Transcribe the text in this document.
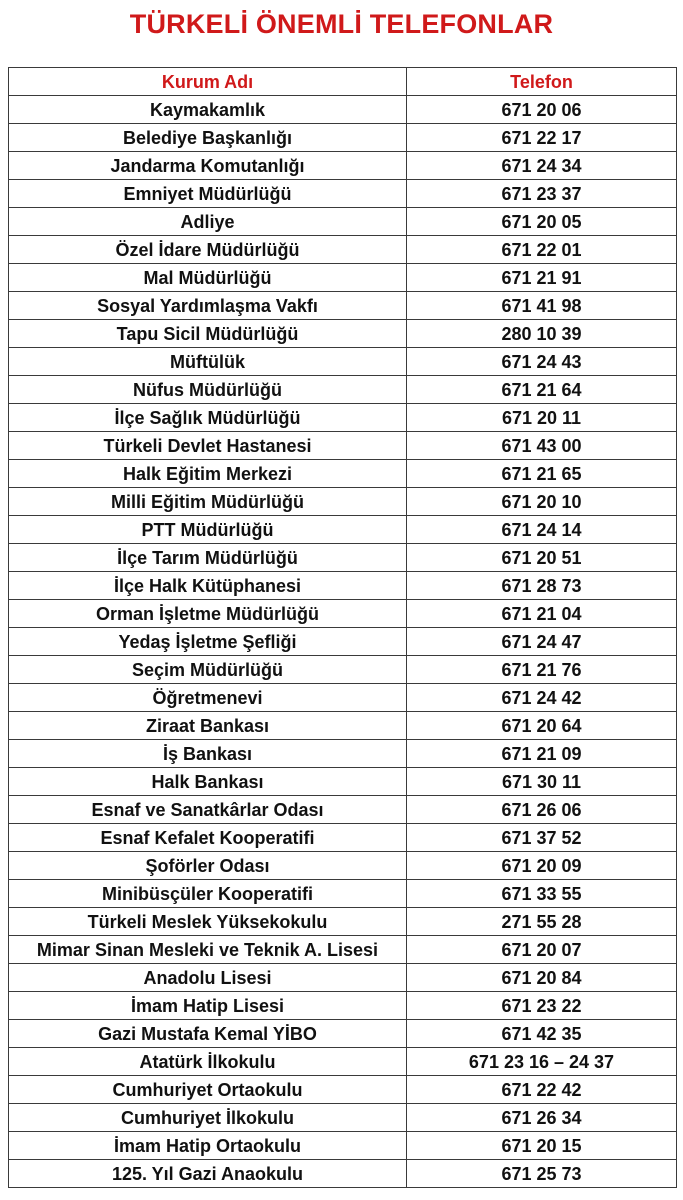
TÜRKELİ ÖNEMLİ TELEFONLAR
Kurum Adı	Telefon
Kaymakamlık	671 20 06
Belediye Başkanlığı	671 22 17
Jandarma Komutanlığı	671 24 34
Emniyet Müdürlüğü	671 23 37
Adliye	671 20 05
Özel İdare Müdürlüğü	671 22 01
Mal Müdürlüğü	671 21 91
Sosyal Yardımlaşma Vakfı	671 41 98
Tapu Sicil Müdürlüğü	280 10 39
Müftülük	671 24 43
Nüfus Müdürlüğü	671 21 64
İlçe Sağlık Müdürlüğü	671 20 11
Türkeli Devlet Hastanesi	671 43 00
Halk Eğitim Merkezi	671 21 65
Milli Eğitim Müdürlüğü	671 20 10
PTT Müdürlüğü	671 24 14
İlçe Tarım Müdürlüğü	671 20 51
İlçe Halk Kütüphanesi	671 28 73
Orman İşletme Müdürlüğü	671 21 04
Yedaş İşletme Şefliği	671 24 47
Seçim Müdürlüğü	671 21 76
Öğretmenevi	671 24 42
Ziraat Bankası	671 20 64
İş Bankası	671 21 09
Halk Bankası	671 30 11
Esnaf ve Sanatkârlar Odası	671 26 06
Esnaf Kefalet Kooperatifi	671 37 52
Şoförler Odası	671 20 09
Minibüsçüler Kooperatifi	671 33 55
Türkeli Meslek Yüksekokulu	271 55 28
Mimar Sinan Mesleki ve Teknik A. Lisesi	671 20 07
Anadolu Lisesi	671 20 84
İmam Hatip Lisesi	671 23 22
Gazi Mustafa Kemal YİBO	671 42 35
Atatürk İlkokulu	671 23 16 – 24 37
Cumhuriyet Ortaokulu	671 22 42
Cumhuriyet İlkokulu	671 26 34
İmam Hatip Ortaokulu	671 20 15
125. Yıl Gazi Anaokulu	671 25 73
